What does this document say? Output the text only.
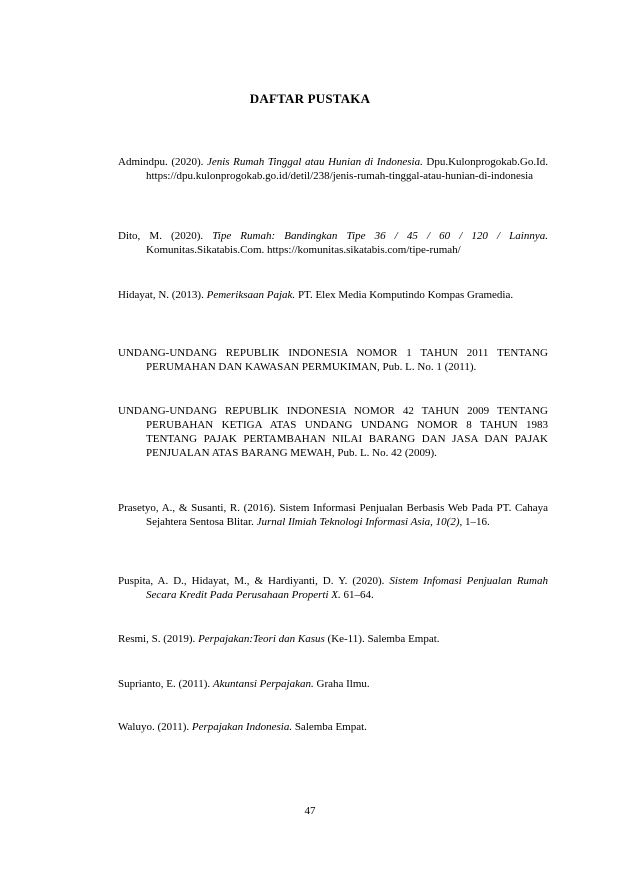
DAFTAR PUSTAKA
Admindpu. (2020). Jenis Rumah Tinggal atau Hunian di Indonesia. Dpu.Kulonprogokab.Go.Id. https://dpu.kulonprogokab.go.id/detil/238/jenis-rumah-tinggal-atau-hunian-di-indonesia
Dito, M. (2020). Tipe Rumah: Bandingkan Tipe 36 / 45 / 60 / 120 / Lainnya. Komunitas.Sikatabis.Com. https://komunitas.sikatabis.com/tipe-rumah/
Hidayat, N. (2013). Pemeriksaan Pajak. PT. Elex Media Komputindo Kompas Gramedia.
UNDANG-UNDANG REPUBLIK INDONESIA NOMOR 1 TAHUN 2011 TENTANG PERUMAHAN DAN KAWASAN PERMUKIMAN, Pub. L. No. 1 (2011).
UNDANG-UNDANG REPUBLIK INDONESIA NOMOR 42 TAHUN 2009 TENTANG PERUBAHAN KETIGA ATAS UNDANG UNDANG NOMOR 8 TAHUN 1983 TENTANG PAJAK PERTAMBAHAN NILAI BARANG DAN JASA DAN PAJAK PENJUALAN ATAS BARANG MEWAH, Pub. L. No. 42 (2009).
Prasetyo, A., & Susanti, R. (2016). Sistem Informasi Penjualan Berbasis Web Pada PT. Cahaya Sejahtera Sentosa Blitar. Jurnal Ilmiah Teknologi Informasi Asia, 10(2), 1–16.
Puspita, A. D., Hidayat, M., & Hardiyanti, D. Y. (2020). Sistem Infomasi Penjualan Rumah Secara Kredit Pada Perusahaan Properti X. 61–64.
Resmi, S. (2019). Perpajakan:Teori dan Kasus (Ke-11). Salemba Empat.
Suprianto, E. (2011). Akuntansi Perpajakan. Graha Ilmu.
Waluyo. (2011). Perpajakan Indonesia. Salemba Empat.
47
